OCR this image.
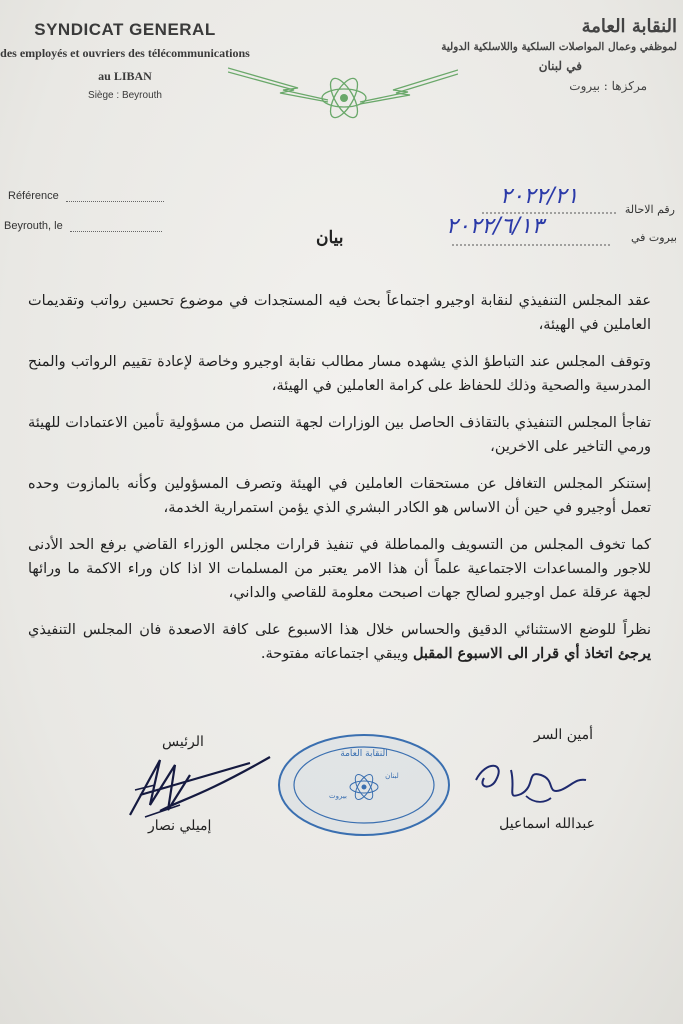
SYNDICAT GENERAL
des employés et ouvriers des télécommunications
au LIBAN
Siège : Beyrouth
النقابة العامة
لموظفي وعمال المواصلات السلكية واللاسلكية الدولية
في لبنان
مركزها : بيروت
Référence
Beyrouth, le
بيان
رقم الاحالة
٢٠٢٢/٢١
بيروت في
٢٠٢٢/٦/١٣

عقد المجلس التنفيذي لنقابة اوجيرو اجتماعاً بحث فيه المستجدات في موضوع تحسين رواتب وتقديمات العاملين في الهيئة،

وتوقف المجلس عند التباطؤ الذي يشهده مسار مطالب نقابة اوجيرو وخاصة لإعادة تقييم الرواتب والمنح المدرسية والصحية وذلك للحفاظ على كرامة العاملين في الهيئة،

تفاجأ المجلس التنفيذي بالتقاذف الحاصل بين الوزارات لجهة التنصل من مسؤولية تأمين الاعتمادات للهيئة ورمي التاخير على الاخرين،

إستنكر المجلس التغافل عن مستحقات العاملين في الهيئة وتصرف المسؤولين وكأنه بالمازوت وحده تعمل أوجيرو في حين أن الاساس هو الكادر البشري الذي يؤمن استمرارية الخدمة،

كما تخوف المجلس من التسويف والمماطلة في تنفيذ قرارات مجلس الوزراء القاضي برفع الحد الأدنى للاجور والمساعدات الاجتماعية علماً أن هذا الامر يعتبر من المسلمات الا اذا كان وراء الاكمة ما ورائها لجهة عرقلة عمل اوجيرو لصالح جهات اصبحت معلومة للقاصي والداني،

نظراً للوضع الاستثنائي الدقيق والحساس خلال هذا الاسبوع على كافة الاصعدة فان المجلس التنفيذي يرجئ اتخاذ أي قرار الى الاسبوع المقبل ويبقي اجتماعاته مفتوحة.

أمين السر
عبدالله اسماعيل
الرئيس
إميلي نصار
النقابة العامة
بيروت
لبنان
